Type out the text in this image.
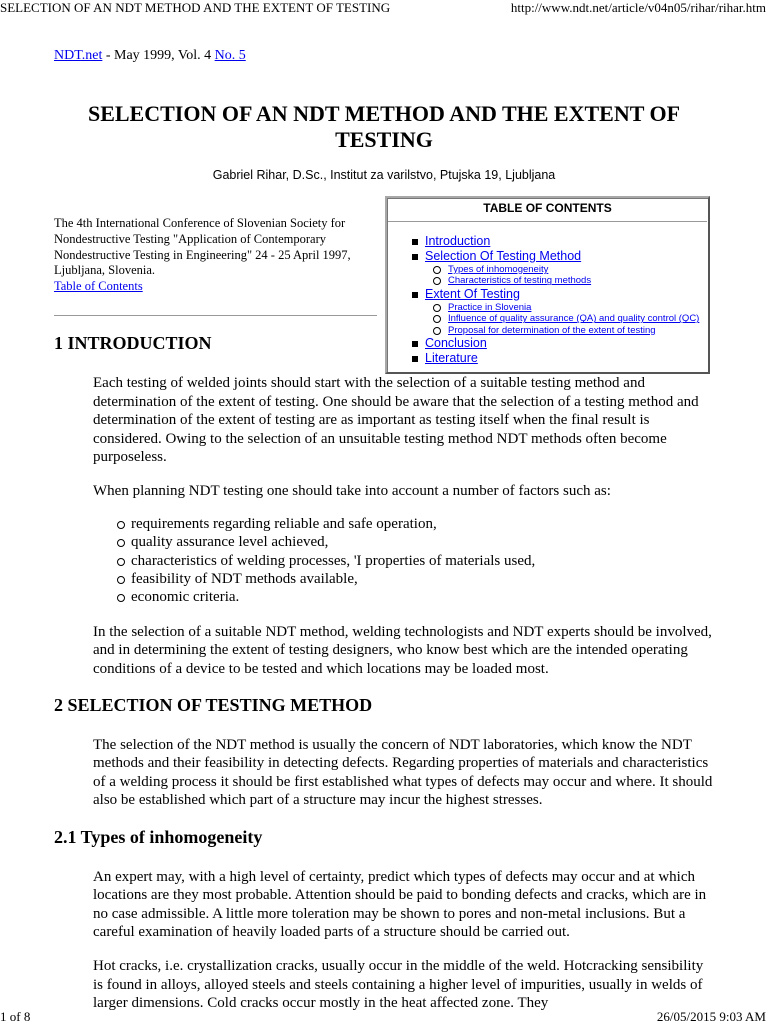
SELECTION OF AN NDT METHOD AND THE EXTENT OF TESTING	http://www.ndt.net/article/v04n05/rihar/rihar.htm

NDT.net - May 1999, Vol. 4 No. 5

SELECTION OF AN NDT METHOD AND THE EXTENT OF TESTING

Gabriel Rihar, D.Sc., Institut za varilstvo, Ptujska 19, Ljubljana

TABLE OF CONTENTS
Introduction
Selection Of Testing Method
Types of inhomogeneity
Characteristics of testing methods
Extent Of Testing
Practice in Slovenia
Influence of quality assurance (QA) and quality control (QC)
Proposal for determination of the extent of testing
Conclusion
Literature
The 4th International Conference of Slovenian Society for Nondestructive Testing "Application of Contemporary Nondestructive Testing in Engineering" 24 - 25 April 1997, Ljubljana, Slovenia.
Table of Contents
1 INTRODUCTION

Each testing of welded joints should start with the selection of a suitable testing method and determination of the extent of testing. One should be aware that the selection of a testing method and determination of the extent of testing are as important as testing itself when the final result is considered. Owing to the selection of an unsuitable testing method NDT methods often become purposeless.

When planning NDT testing one should take into account a number of factors such as:

requirements regarding reliable and safe operation,
quality assurance level achieved,
characteristics of welding processes, 'I properties of materials used,
feasibility of NDT methods available,
economic criteria.

In the selection of a suitable NDT method, welding technologists and NDT experts should be involved, and in determining the extent of testing designers, who know best which are the intended operating conditions of a device to be tested and which locations may be loaded most.

2 SELECTION OF TESTING METHOD

The selection of the NDT method is usually the concern of NDT laboratories, which know the NDT methods and their feasibility in detecting defects. Regarding properties of materials and characteristics of a welding process it should be first established what types of defects may occur and where. It should also be established which part of a structure may incur the highest stresses.

2.1 Types of inhomogeneity

An expert may, with a high level of certainty, predict which types of defects may occur and at which locations are they most probable. Attention should be paid to bonding defects and cracks, which are in no case admissible. A little more toleration may be shown to pores and non-metal inclusions. But a careful examination of heavily loaded parts of a structure should be carried out.

Hot cracks, i.e. crystallization cracks, usually occur in the middle of the weld. Hotcracking sensibility is found in alloys, alloyed steels and steels containing a higher level of impurities, usually in welds of larger dimensions. Cold cracks occur mostly in the heat affected zone. They

1 of 8	26/05/2015 9:03 AM
